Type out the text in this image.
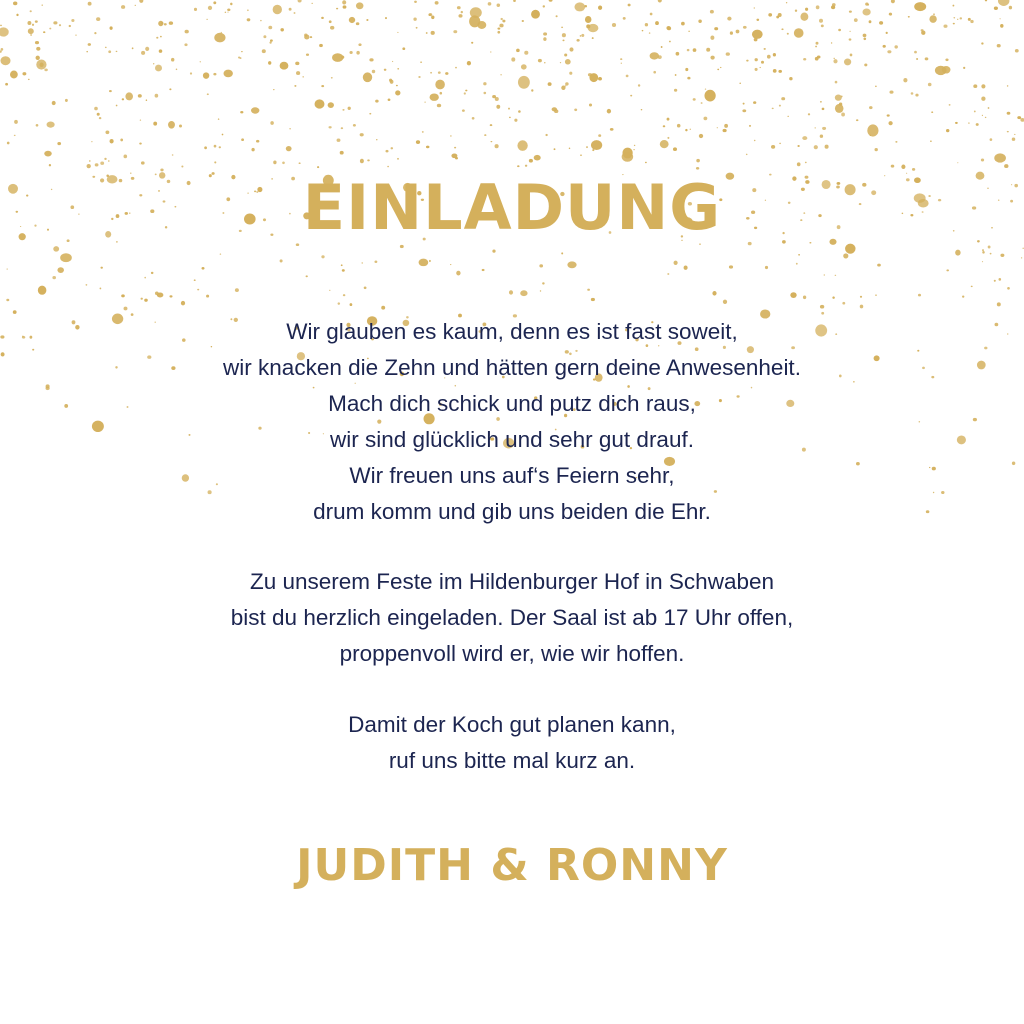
EINLADUNG
Wir glauben es kaum, denn es ist fast soweit,
wir knacken die Zehn und hätten gern deine Anwesenheit.
Mach dich schick und putz dich raus,
wir sind glücklich und sehr gut drauf.
Wir freuen uns auf‘s Feiern sehr,
drum komm und gib uns beiden die Ehr.
Zu unserem Feste im Hildenburger Hof in Schwaben
bist du herzlich eingeladen. Der Saal ist ab 17 Uhr offen,
proppenvoll wird er, wie wir hoffen.
Damit der Koch gut planen kann,
ruf uns bitte mal kurz an.
JUDITH & RONNY
